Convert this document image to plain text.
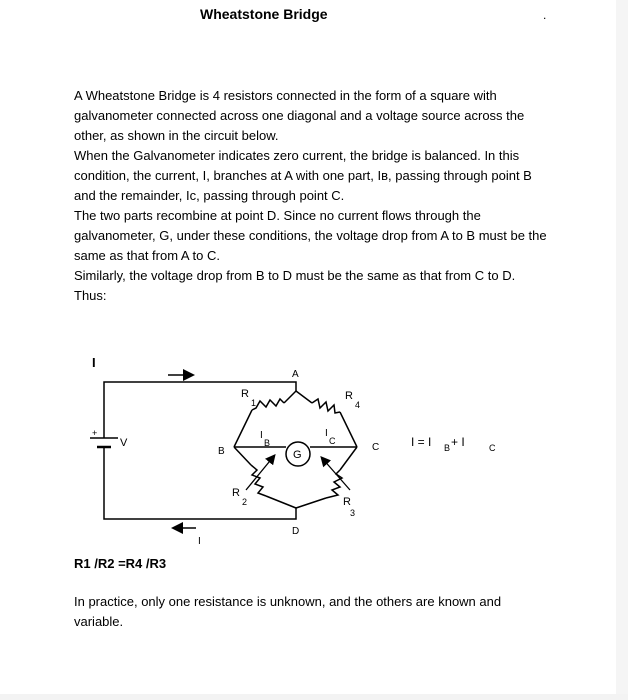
Wheatstone Bridge	.

A Wheatstone Bridge is 4 resistors connected in the form of a square with galvanometer connected across one diagonal and a voltage source across the other, as shown in the circuit below.

When the Galvanometer indicates zero current, the bridge is balanced. In this condition, the current, I, branches at A with one part, Iв, passing through point B and the remainder, Ic, passing through point C.

The two parts recombine at point D. Since no current flows through the galvanometer, G, under these conditions, the voltage drop from A to B must be the same as that from A to C.

Similarly, the voltage drop from B to D must be the same as that from C to D.

Thus:

V
+
I
I
A
B	C
D
G
R
1
R
2	R
3
R
4
I
B
I
C	I = I B + I	C
R1 /R2 =R4 /R3

In practice, only one resistance is unknown, and the others are known and variable.
